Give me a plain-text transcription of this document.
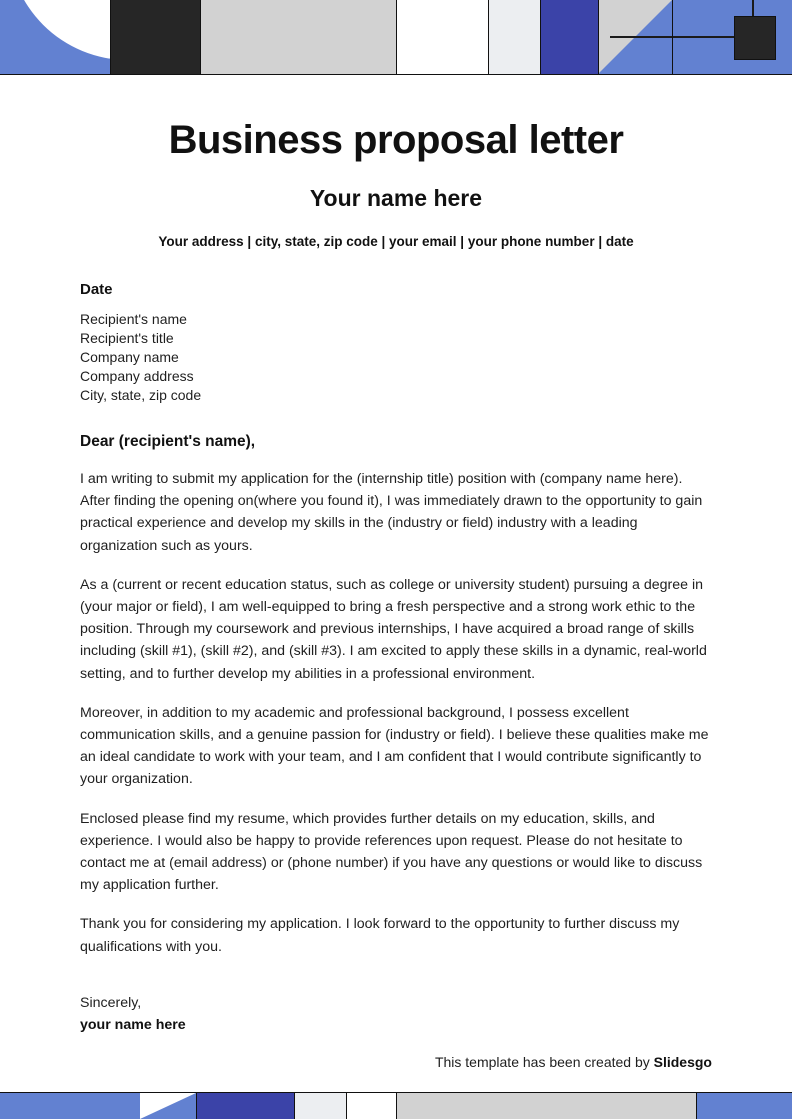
Business proposal letter
Your name here

Your address | city, state, zip code | your email | your phone number | date

Date

Recipient's name
Recipient's title
Company name
Company address
City, state, zip code

Dear (recipient's name),

I am writing to submit my application for the (internship title) position with (company name here). After finding the opening on(where you found it), I was immediately drawn to the opportunity to gain practical experience and develop my skills in the (industry or field) industry with a leading organization such as yours.

As a (current or recent education status, such as college or university student) pursuing a degree in (your major or field), I am well-equipped to bring a fresh perspective and a strong work ethic to the position. Through my coursework and previous internships, I have acquired a broad range of skills including (skill #1), (skill #2), and (skill #3). I am excited to apply these skills in a dynamic, real-world setting, and to further develop my abilities in a professional environment.

Moreover, in addition to my academic and professional background, I possess excellent communication skills, and a genuine passion for (industry or field). I believe these qualities make me an ideal candidate to work with your team, and I am confident that I would contribute significantly to your organization.

Enclosed please find my resume, which provides further details on my education, skills, and experience. I would also be happy to provide references upon request. Please do not hesitate to contact me at (email address) or (phone number) if you have any questions or would like to discuss my application further.

Thank you for considering my application. I look forward to the opportunity to further discuss my qualifications with you.

Sincerely,
your name here

This template has been created by Slidesgo
